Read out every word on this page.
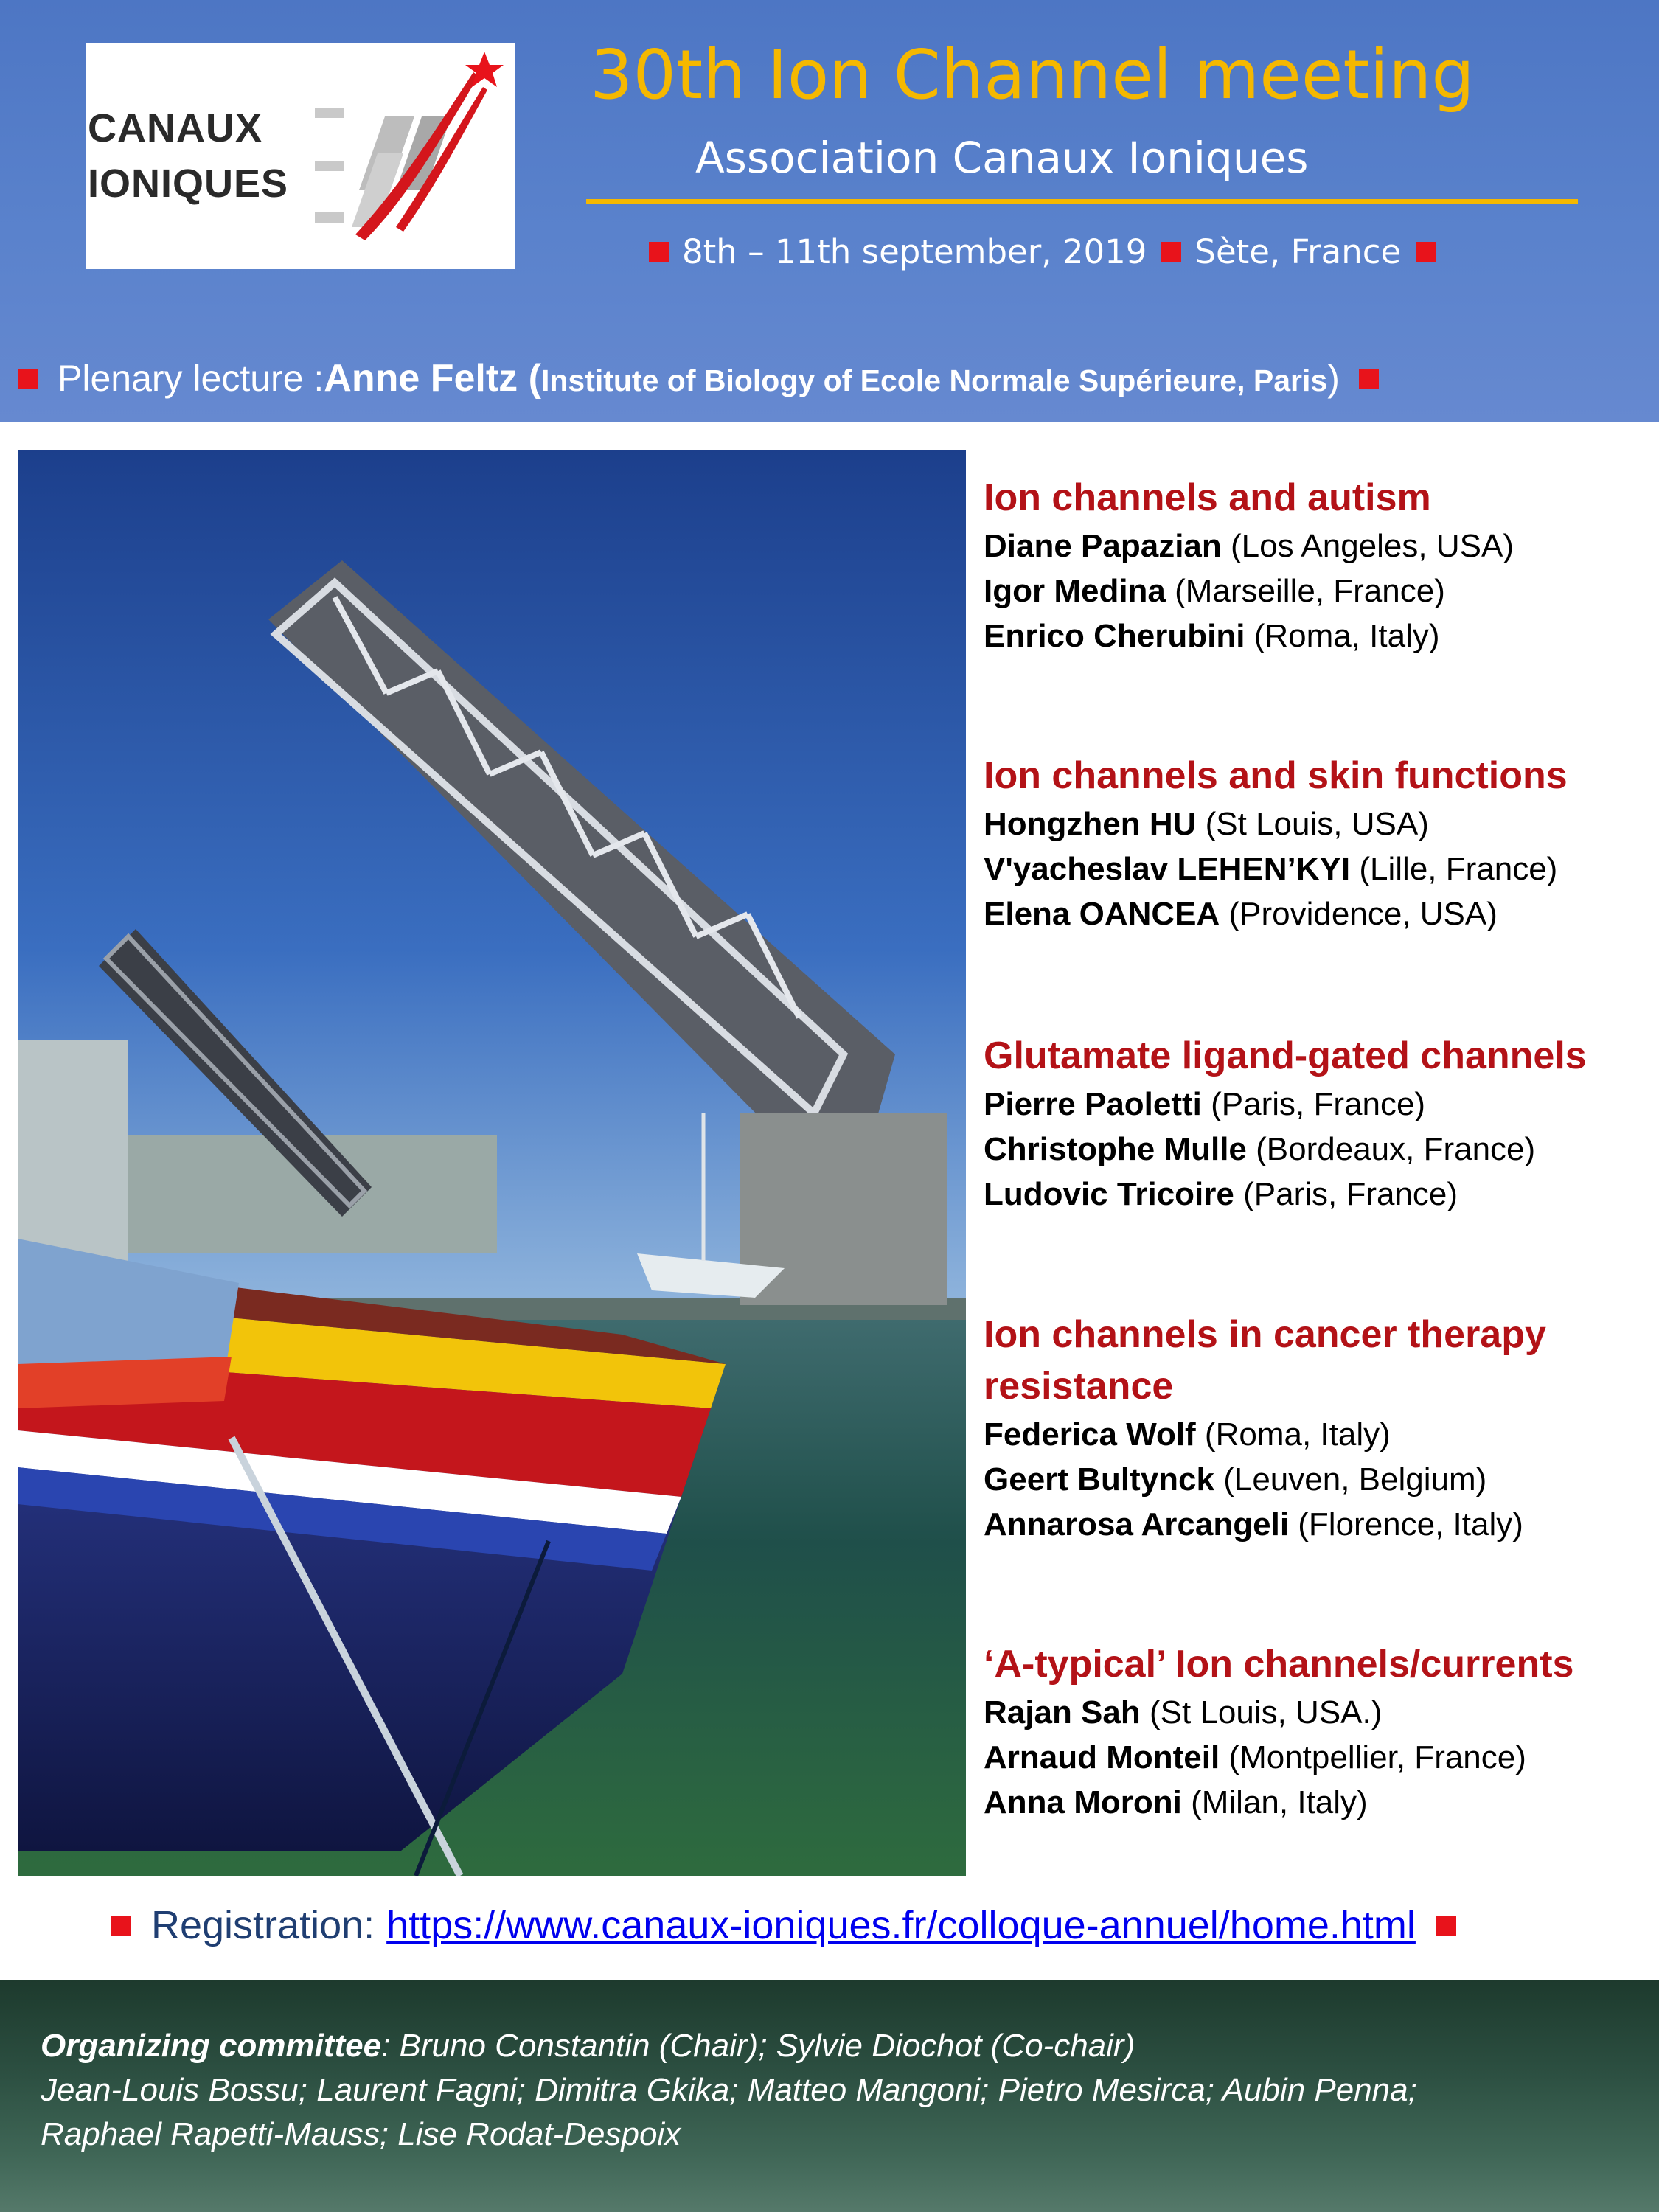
CANAUX
IONIQUES
30th Ion Channel meeting
Association Canaux Ioniques
8th – 11th september, 2019 Sète, France
Plenary lecture : Anne Feltz ( Institute of Biology of Ecole Normale Supérieure, Paris )
Ion channels and autism
Diane Papazian (Los Angeles, USA)
Igor Medina (Marseille, France)
Enrico Cherubini (Roma, Italy)
Ion channels and skin functions
Hongzhen HU (St Louis, USA)
V'yacheslav LEHEN’KYI (Lille, France)
Elena OANCEA (Providence, USA)
Glutamate ligand-gated channels
Pierre Paoletti (Paris, France)
Christophe Mulle (Bordeaux, France)
Ludovic Tricoire (Paris, France)
Ion channels in cancer therapy resistance
Federica Wolf (Roma, Italy)
Geert Bultynck (Leuven, Belgium)
Annarosa Arcangeli (Florence, Italy)
‘A-typical’ Ion channels/currents
Rajan Sah (St Louis, USA.)
Arnaud Monteil (Montpellier, France)
Anna Moroni (Milan, Italy)
Registration: https://www.canaux-ioniques.fr/colloque-annuel/home.html
Organizing committee: Bruno Constantin (Chair); Sylvie Diochot (Co-chair)
Jean-Louis Bossu; Laurent Fagni; Dimitra Gkika; Matteo Mangoni; Pietro Mesirca; Aubin Penna;
Raphael Rapetti-Mauss; Lise Rodat-Despoix
